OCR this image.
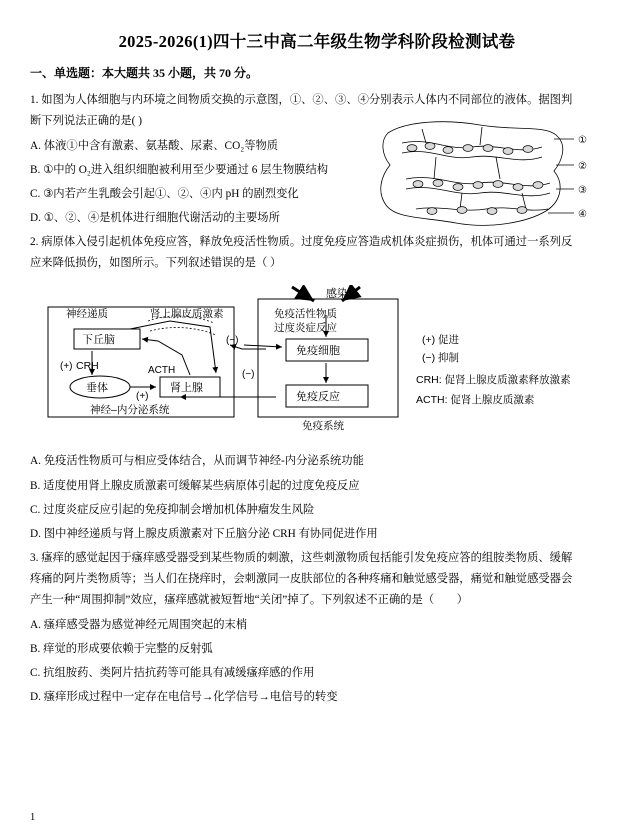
2025-2026(1)四十三中高二年级生物学科阶段检测试卷
一、单选题：本大题共 35 小题，共 70 分。
1. 如图为人体细胞与内环境之间物质交换的示意图，①、②、③、④分别表示人体内不同部位的液体。据图判
断下列说法正确的是( )
A. 体液①中含有激素、氨基酸、尿素、CO₂等物质
B. ①中的 O₂进入组织细胞被利用至少要通过 6 层生物膜结构
C. ③内若产生乳酸会引起①、②、④内 pH 的剧烈变化
D. ①、②、④是机体进行细胞代谢活动的主要场所
①
②
③
④
2. 病原体入侵引起机体免疫应答，释放免疫活性物质。过度免疫应答造成机体炎症损伤，机体可通过一系列反
应来降低损伤，如图所示。下列叙述错误的是（ ）
下丘脑
垂体	肾上腺
免疫细胞
免疫反应
感染
免疫活性物质
过度炎症反应
肾上腺皮质激素
神经递质
CRH
(+)	ACTH
(+)
(−)
(−)
神经–内分泌系统
免疫系统
(+) 促进
(−) 抑制
CRH: 促肾上腺皮质激素释放激素
ACTH: 促肾上腺皮质激素
A. 免疫活性物质可与相应受体结合，从而调节神经-内分泌系统功能
B. 适度使用肾上腺皮质激素可缓解某些病原体引起的过度免疫反应
C. 过度炎症反应引起的免疫抑制会增加机体肿瘤发生风险
D. 图中神经递质与肾上腺皮质激素对下丘脑分泌 CRH 有协同促进作用
3. 瘙痒的感觉起因于瘙痒感受器受到某些物质的刺激，这些刺激物质包括能引发免疫应答的组胺类物质、缓解
疼痛的阿片类物质等；当人们在挠痒时，会刺激同一皮肤部位的各种疼痛和触觉感受器，痛觉和触觉感受器会
产生一种“周围抑制”效应，瘙痒感就被短暂地“关闭”掉了。下列叙述不正确的是（　　）
A. 瘙痒感受器为感觉神经元周围突起的末梢
B. 痒觉的形成要依赖于完整的反射弧
C. 抗组胺药、类阿片拮抗药等可能具有减缓瘙痒感的作用
D. 瘙痒形成过程中一定存在电信号→化学信号→电信号的转变
1
